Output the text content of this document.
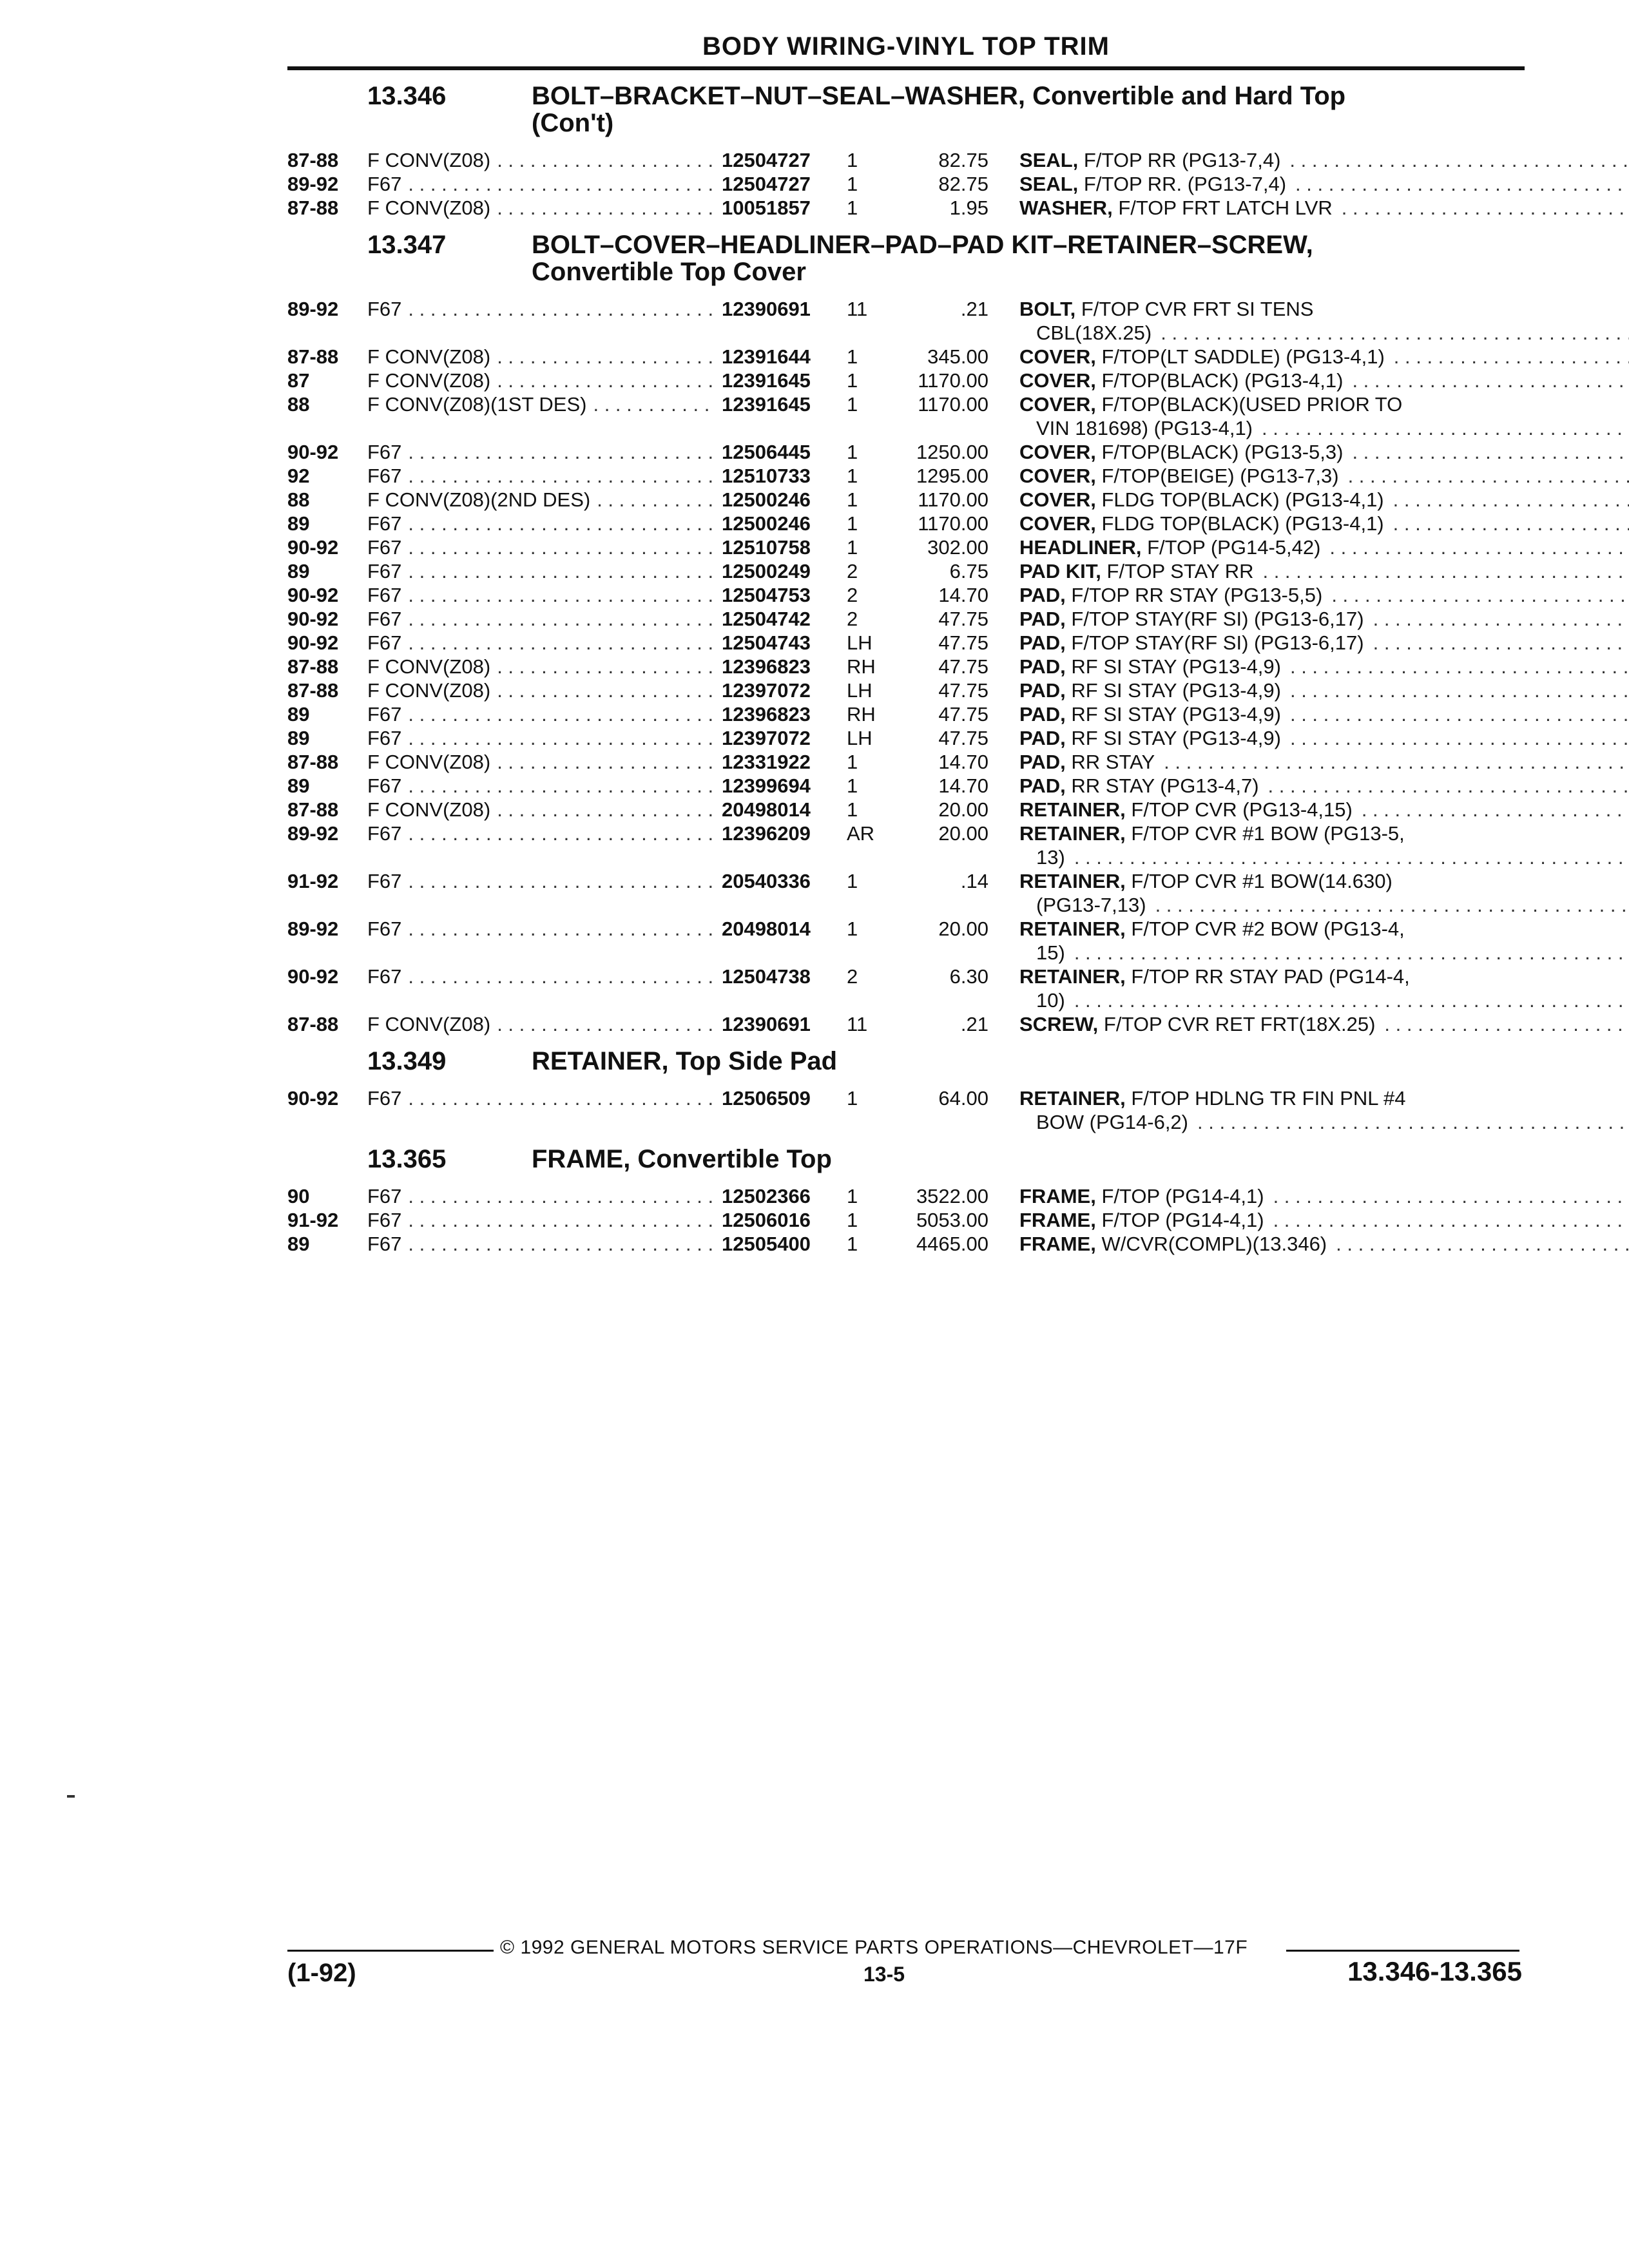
BODY WIRING-VINYL TOP TRIM
13.346	BOLT–BRACKET–NUT–SEAL–WASHER, Convertible and Hard Top
(Con't)
87-88	F CONV(Z08) . . .	12504727	1	82.75	SEAL, F/TOP RR (PG13-7,4)
. . .
89-92	F67 . . .	12504727	1	82.75	SEAL, F/TOP RR. (PG13-7,4)
. . .
87-88	F CONV(Z08) . . .	10051857	1	1.95	WASHER, F/TOP FRT LATCH LVR
. . .
13.347	BOLT–COVER–HEADLINER–PAD–PAD KIT–RETAINER–SCREW,
Convertible Top Cover
89-92	F67 . . .	12390691	11	.21	BOLT, F/TOP CVR FRT SI TENS
CBL(18X.25)
. . .
87-88	F CONV(Z08) . . .	12391644	1	345.00	COVER, F/TOP(LT SADDLE) (PG13-4,1)
. . .
87	F CONV(Z08) . . .	12391645	1	1170.00	COVER, F/TOP(BLACK) (PG13-4,1)
. . .
88	F CONV(Z08)(1ST DES) . . .	12391645	1	1170.00	COVER, F/TOP(BLACK)(USED PRIOR TO
VIN 181698) (PG13-4,1)
. . .
90-92	F67 . . .	12506445	1	1250.00	COVER, F/TOP(BLACK) (PG13-5,3)
. . .
92	F67 . . .	12510733	1	1295.00	COVER, F/TOP(BEIGE) (PG13-7,3)
. . .
88	F CONV(Z08)(2ND DES) . . .	12500246	1	1170.00	COVER, FLDG TOP(BLACK) (PG13-4,1)
. . .
89	F67 . . .	12500246	1	1170.00	COVER, FLDG TOP(BLACK) (PG13-4,1)
. . .
90-92	F67 . . .	12510758	1	302.00	HEADLINER, F/TOP (PG14-5,42)
. . .
89	F67 . . .	12500249	2	6.75	PAD KIT, F/TOP STAY RR
. . .
90-92	F67 . . .	12504753	2	14.70	PAD, F/TOP RR STAY (PG13-5,5)
. . .
90-92	F67 . . .	12504742	2	47.75	PAD, F/TOP STAY(RF SI) (PG13-6,17)
. . .
90-92	F67 . . .	12504743	LH	47.75	PAD, F/TOP STAY(RF SI) (PG13-6,17)
. . .
87-88	F CONV(Z08) . . .	12396823	RH	47.75	PAD, RF SI STAY (PG13-4,9)
. . .
87-88	F CONV(Z08) . . .	12397072	LH	47.75	PAD, RF SI STAY (PG13-4,9)
. . .
89	F67 . . .	12396823	RH	47.75	PAD, RF SI STAY (PG13-4,9)
. . .
89	F67 . . .	12397072	LH	47.75	PAD, RF SI STAY (PG13-4,9)
. . .
87-88	F CONV(Z08) . . .	12331922	1	14.70	PAD, RR STAY
. . .
89	F67 . . .	12399694	1	14.70	PAD, RR STAY (PG13-4,7)
. . .
87-88	F CONV(Z08) . . .	20498014	1	20.00	RETAINER, F/TOP CVR (PG13-4,15)
. . .
89-92	F67 . . .	12396209	AR	20.00	RETAINER, F/TOP CVR #1 BOW (PG13-5,
13)
. . .
91-92	F67 . . .	20540336	1	.14	RETAINER, F/TOP CVR #1 BOW(14.630)
(PG13-7,13)
. . .
89-92	F67 . . .	20498014	1	20.00	RETAINER, F/TOP CVR #2 BOW (PG13-4,
15)
. . .
90-92	F67 . . .	12504738	2	6.30	RETAINER, F/TOP RR STAY PAD (PG14-4,
10)
. . .
87-88	F CONV(Z08) . . .	12390691	11	.21	SCREW, F/TOP CVR RET FRT(18X.25)
. . .
13.349	RETAINER, Top Side Pad
90-92	F67 . . .	12506509	1	64.00	RETAINER, F/TOP HDLNG TR FIN PNL #4
BOW (PG14-6,2)
. . .
13.365	FRAME, Convertible Top
90	F67 . . .	12502366	1	3522.00	FRAME, F/TOP (PG14-4,1)
. . .
91-92	F67 . . .	12506016	1	5053.00	FRAME, F/TOP (PG14-4,1)
. . .
89	F67 . . .	12505400	1	4465.00	FRAME, W/CVR(COMPL)(13.346)
. . .
© 1992 GENERAL MOTORS SERVICE PARTS OPERATIONS—CHEVROLET—17F
(1-92)	13-5	13.346-13.365
